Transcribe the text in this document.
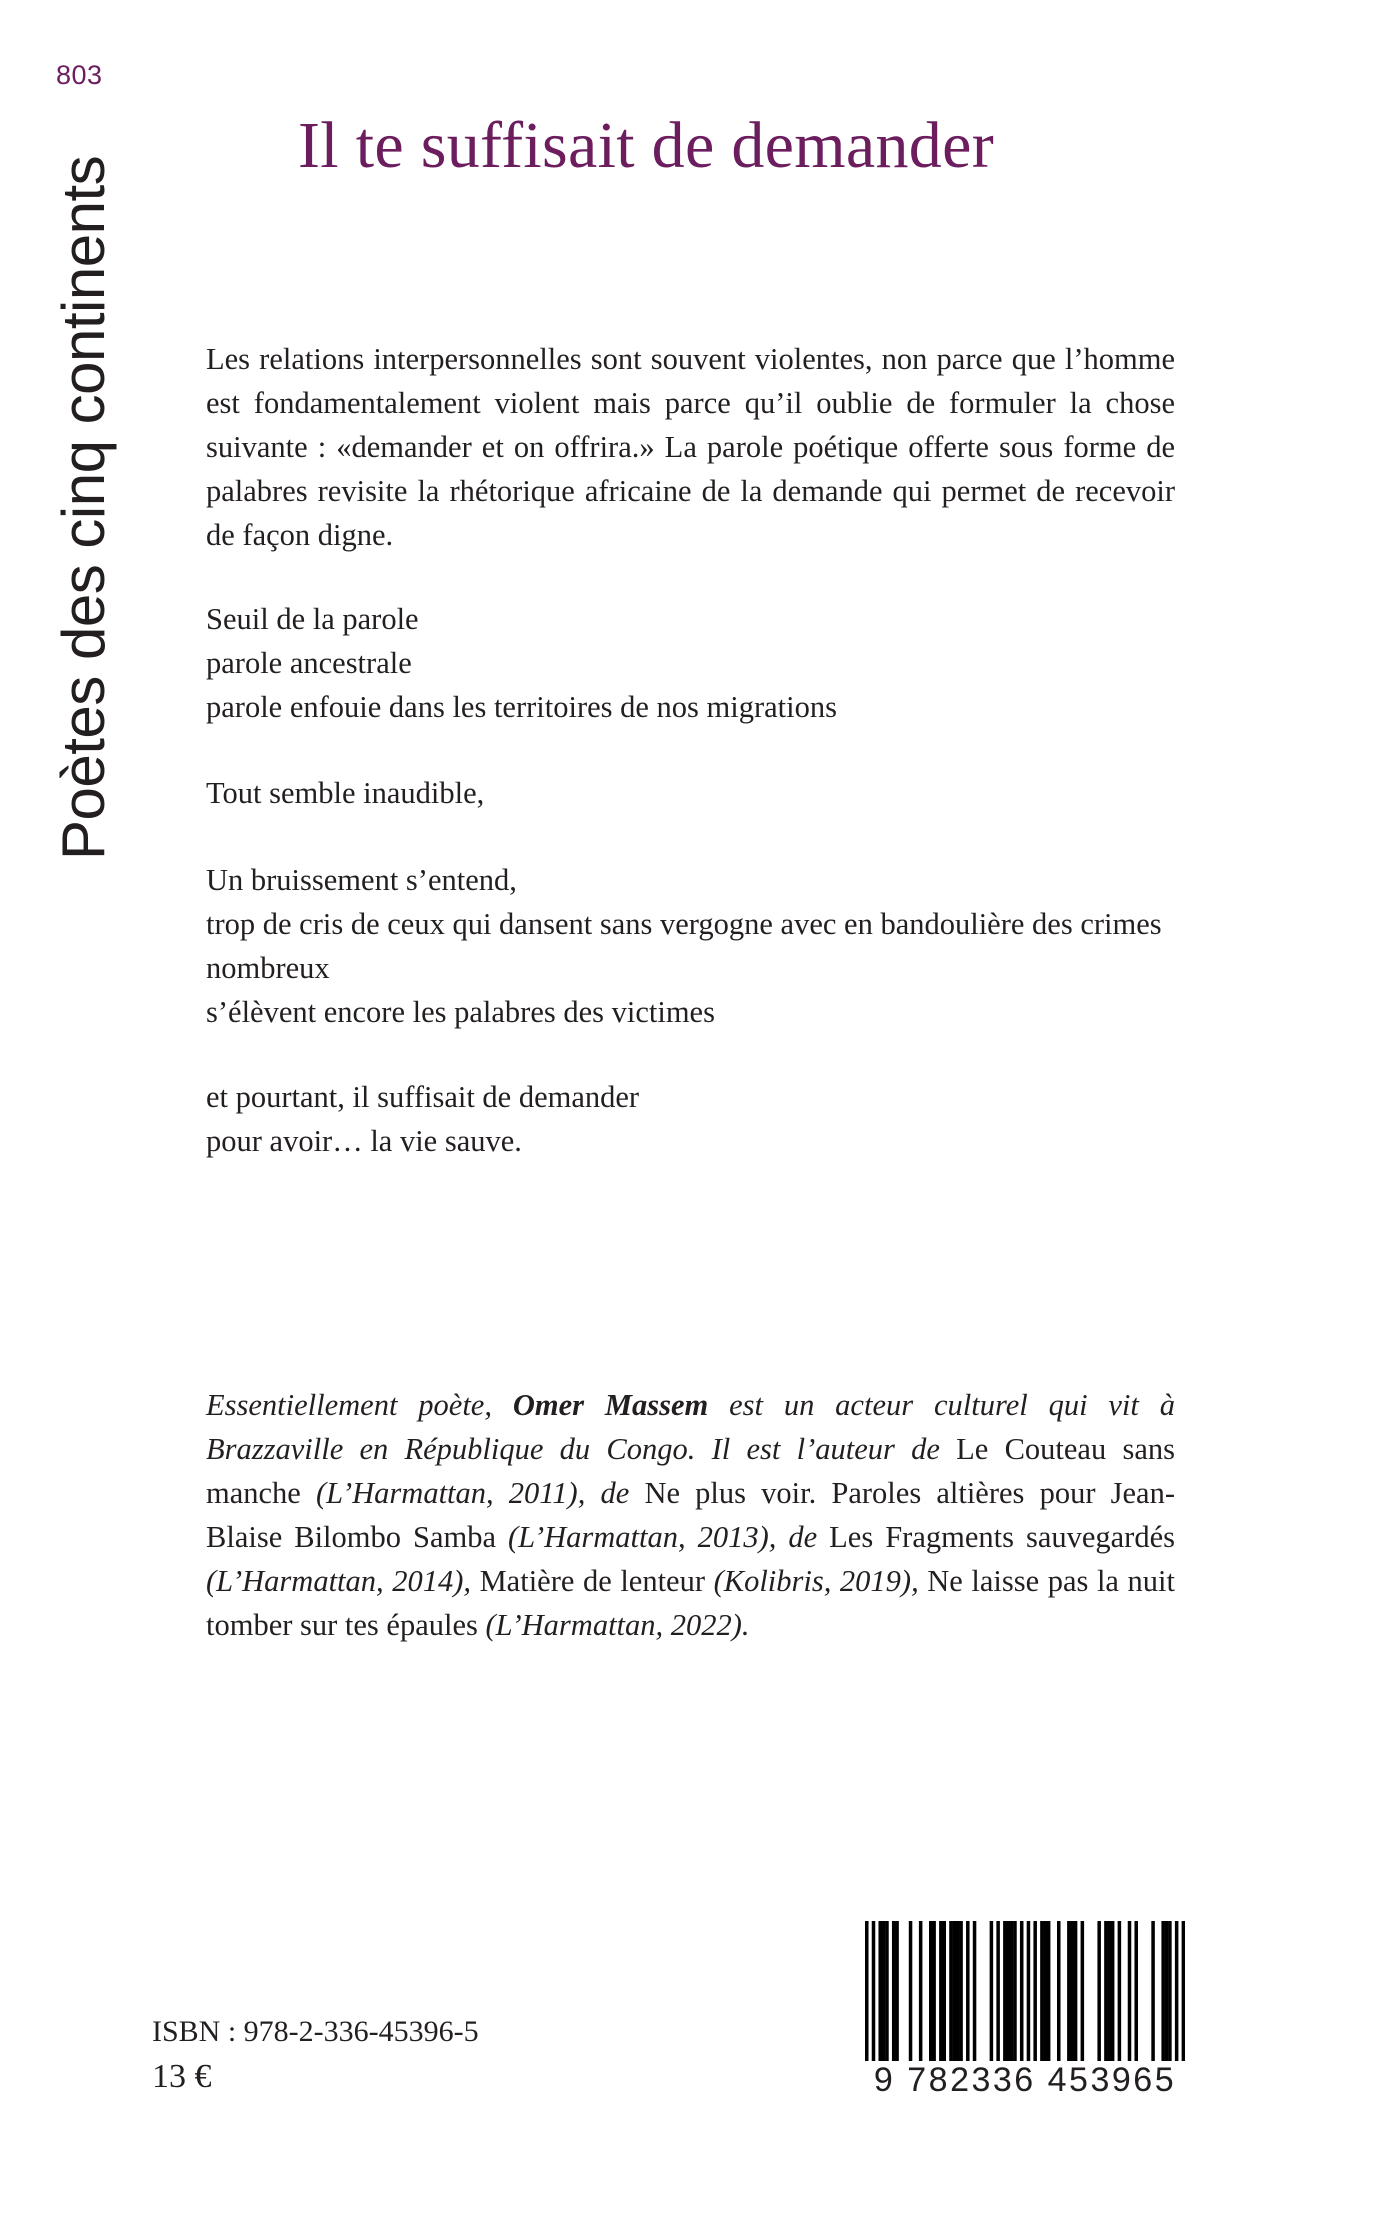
803
Poètes des cinq continents
Il te suffisait de demander

Les relations interpersonnelles sont souvent violentes, non parce que l’homme est fondamentalement violent mais parce qu’il oublie de formuler la chose suivante : «demander et on offrira.» La parole poétique offerte sous forme de palabres revisite la rhétorique africaine de la demande qui permet de recevoir de façon digne.

Seuil de la parole
parole ancestrale
parole enfouie dans les territoires de nos migrations
Tout semble inaudible,
Un bruissement s’entend,
trop de cris de ceux qui dansent sans vergogne avec en bandoulière des crimes nombreux
s’élèvent encore les palabres des victimes
et pourtant, il suffisait de demander
pour avoir… la vie sauve.

Essentiellement poète, Omer Massem est un acteur culturel qui vit à Brazzaville en République du Congo. Il est l’auteur de Le Couteau sans manche (L’Harmattan, 2011), de Ne plus voir. Paroles altières pour Jean-Blaise Bilombo Samba (L’Harmattan, 2013), de Les Fragments sauvegardés (L’Harmattan, 2014), Matière de lenteur (Kolibris, 2019), Ne laisse pas la nuit tomber sur tes épaules (L’Harmattan, 2022).

ISBN : 978-2-336-45396-5
13 €	9 782336 453965
